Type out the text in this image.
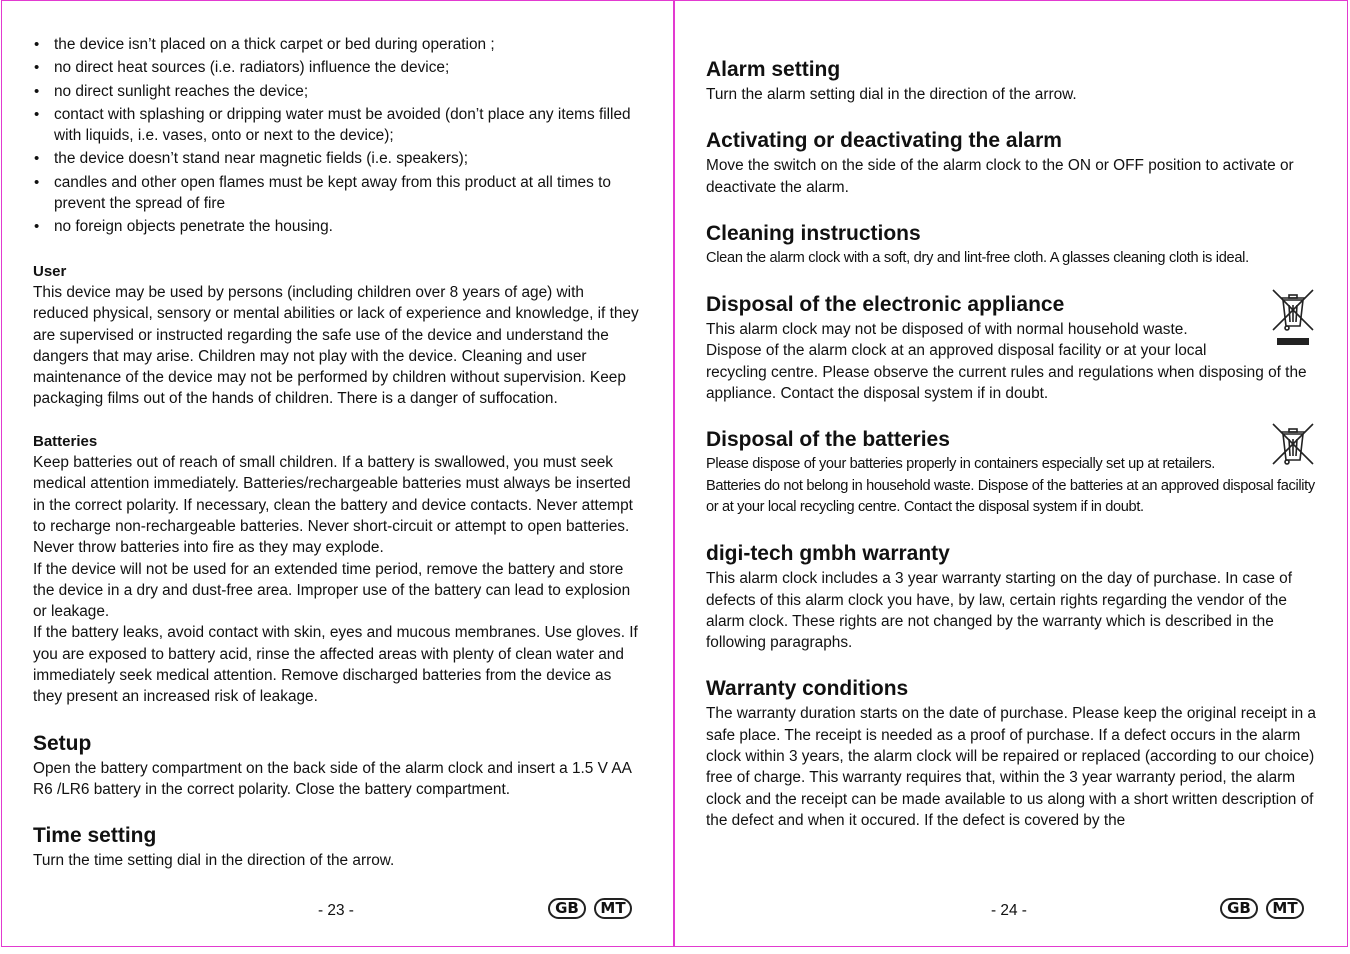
• the device isn’t placed on a thick carpet or bed during operation ;
• no direct heat sources (i.e. radiators) influence the device;
• no direct sunlight reaches the device;
• contact with splashing or dripping water must be avoided (don’t place any items filled with liquids, i.e. vases, onto or next to the device);
• the device doesn’t stand near magnetic fields (i.e. speakers);
• candles and other open flames must be kept away from this product at all times to prevent the spread of fire
• no foreign objects penetrate the housing.

User

This device may be used by persons (including children over 8 years of age) with reduced physical, sensory or mental abilities or lack of experience and knowledge, if they are supervised or instructed regarding the safe use of the device and understand the dangers that may arise. Children may not play with the device. Cleaning and user maintenance of the device may not be performed by children without supervision. Keep packaging films out of the hands of children. There is a danger of suffocation.

Batteries

Keep batteries out of reach of small children. If a battery is swallowed, you must seek medical attention immediately. Batteries/rechargeable batteries must always be inserted in the correct polarity. If necessary, clean the battery and device contacts. Never attempt to recharge non-rechargeable batteries. Never short-circuit or attempt to open batteries. Never throw batteries into fire as they may explode.

If the device will not be used for an extended time period, remove the battery and store the device in a dry and dust-free area. Improper use of the battery can lead to explosion or leakage.

If the battery leaks, avoid contact with skin, eyes and mucous membranes. Use gloves. If you are exposed to battery acid, rinse the affected areas with plenty of clean water and immediately seek medical attention. Remove discharged batteries from the device as they present an increased risk of leakage.

Setup

Open the battery compartment on the back side of the alarm clock and insert a 1.5 V AA R6 /LR6 battery in the correct polarity. Close the battery compartment.

Time setting

Turn the time setting dial in the direction of the arrow.

- 23 -	GB	MT
Alarm setting

Turn the alarm setting dial in the direction of the arrow.

Activating or deactivating the alarm

Move the switch on the side of the alarm clock to the ON or OFF position to activate or deactivate the alarm.

Cleaning instructions

Clean the alarm clock with a soft, dry and lint-free cloth. A glasses cleaning cloth is ideal.

Disposal of the electronic appliance

This alarm clock may not be disposed of with normal household waste.

Dispose of the alarm clock at an approved disposal facility or at your local recycling centre. Please observe the current rules and regulations when disposing of the appliance. Contact the disposal system if in doubt.

Disposal of the batteries

Please dispose of your batteries properly in containers especially set up at retailers.

Batteries do not belong in household waste. Dispose of the batteries at an approved disposal facility or at your local recycling centre. Contact the disposal system if in doubt.

digi-tech gmbh warranty

This alarm clock includes a 3 year warranty starting on the day of purchase. In case of defects of this alarm clock you have, by law, certain rights regarding the vendor of the alarm clock. These rights are not changed by the warranty which is described in the following paragraphs.

Warranty conditions

The warranty duration starts on the date of purchase. Please keep the original receipt in a safe place. The receipt is needed as a proof of purchase. If a defect occurs in the alarm clock within 3 years, the alarm clock will be repaired or replaced (according to our choice) free of charge. This warranty requires that, within the 3 year warranty period, the alarm clock and the receipt can be made available to us along with a short written description of the defect and when it occured. If the defect is covered by the

- 24 -	GB	MT
